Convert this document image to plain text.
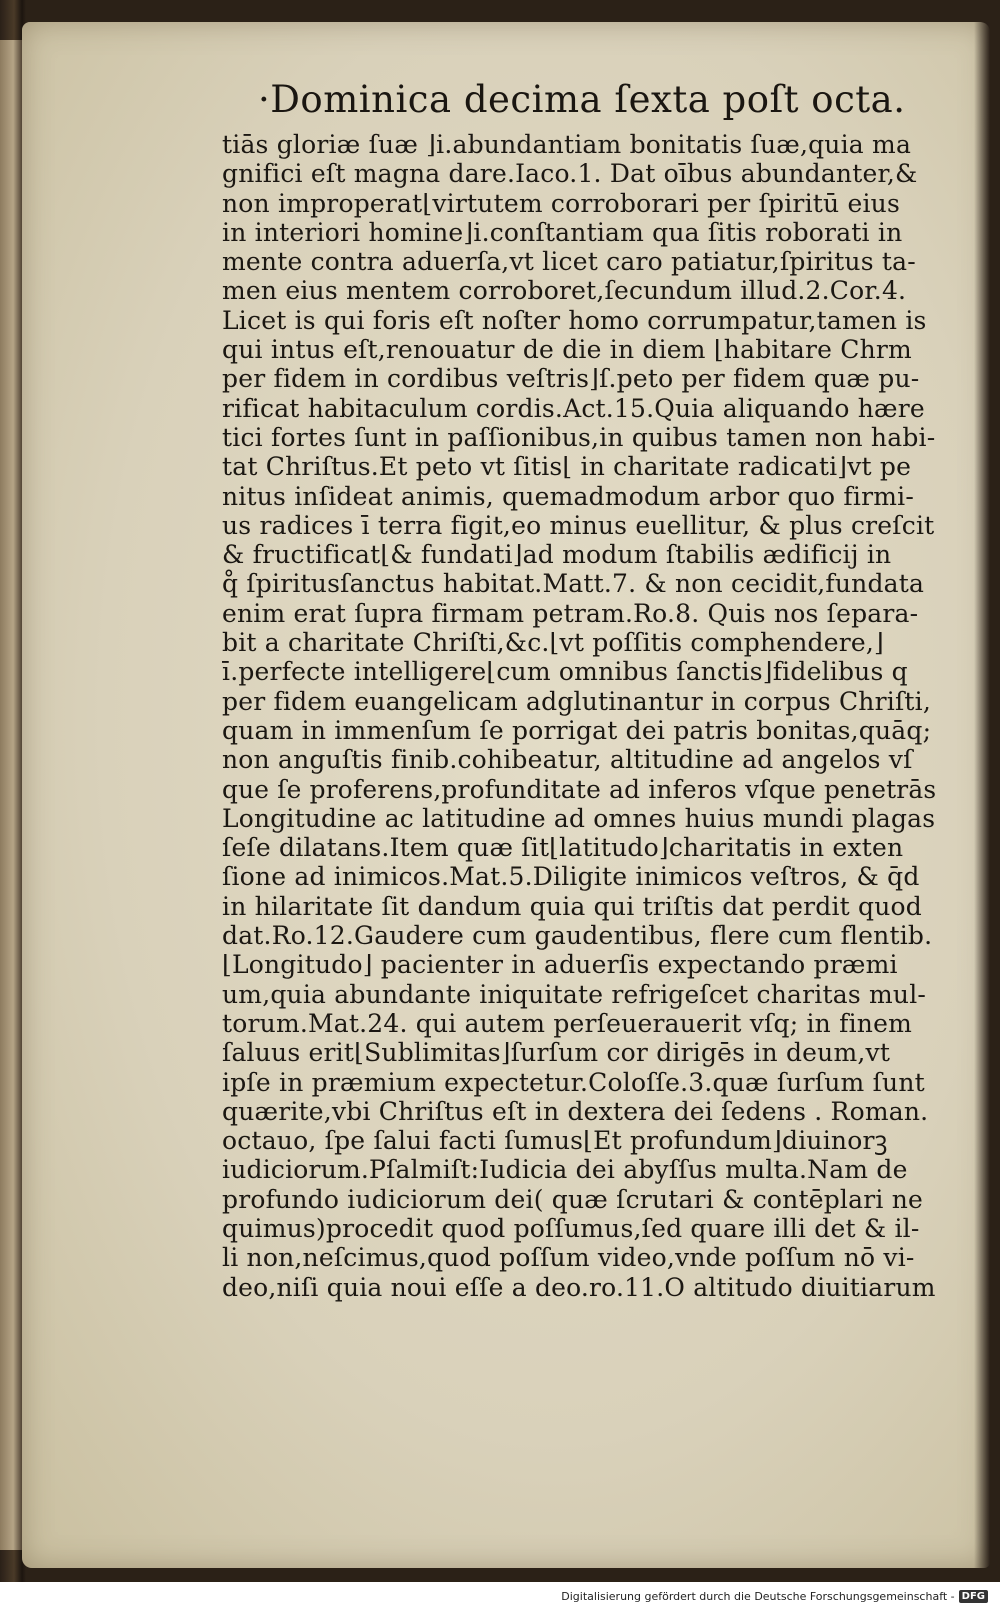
·Dominica decima ſexta poſt octa.
tiās gloriæ ſuæ ⌋i.abundantiam bonitatis ſuæ,quia ma
gnifici eſt magna dare.Iaco.1. Dat oībus abundanter,&
non improperat⌊virtutem corroborari per ſpiritū eius
in interiori homine⌋i.conſtantiam qua ſitis roborati in
mente contra aduerſa,vt licet caro patiatur,ſpiritus ta-
men eius mentem corroboret,ſecundum illud.2.Cor.4.
Licet is qui foris eſt noſter homo corrumpatur,tamen is
qui intus eſt,renouatur de die in diem ⌊habitare Chrm
per fidem in cordibus veſtris⌋ſ.peto per fidem quæ pu-
rificat habitaculum cordis.Act.15.Quia aliquando hære
tici fortes ſunt in paſſionibus,in quibus tamen non habi-
tat Chriſtus.Et peto vt ſitis⌊ in charitate radicati⌋vt pe
nitus inſideat animis, quemadmodum arbor quo firmi-
us radices ī terra figit,eo minus euellitur, & plus creſcit
& fructificat⌊& fundati⌋ad modum ſtabilis ædificij in
q̊ ſpiritusſanctus habitat.Matt.7. & non cecidit,fundata
enim erat ſupra firmam petram.Ro.8. Quis nos ſepara-
bit a charitate Chriſti,&c.⌊vt poſſitis comphendere,⌋
ī.perfecte intelligere⌊cum omnibus ſanctis⌋fidelibus q
per fidem euangelicam adglutinantur in corpus Chriſti,
quam in immenſum ſe porrigat dei patris bonitas,quāq;
non anguſtis finib.cohibeatur, altitudine ad angelos vſ
que ſe proferens,profunditate ad inferos vſque penetrās
Longitudine ac latitudine ad omnes huius mundi plagas
ſeſe dilatans.Item quæ ſit⌊latitudo⌋charitatis in exten
ſione ad inimicos.Mat.5.Diligite inimicos veſtros, & q̄d
in hilaritate ſit dandum quia qui triſtis dat perdit quod
dat.Ro.12.Gaudere cum gaudentibus, flere cum flentib.
⌊Longitudo⌋ pacienter in aduerſis expectando præmi
um,quia abundante iniquitate refrigeſcet charitas mul-
torum.Mat.24. qui autem perſeuerauerit vſq; in finem
ſaluus erit⌊Sublimitas⌋ſurſum cor dirigēs in deum,vt
ipſe in præmium expectetur.Coloſſe.3.quæ ſurſum ſunt
quærite,vbi Chriſtus eſt in dextera dei ſedens . Roman.
octauo, ſpe ſalui facti ſumus⌊Et profundum⌋diuinorꝫ
iudiciorum.Pſalmiſt:Iudicia dei abyſſus multa.Nam de
profundo iudiciorum dei( quæ ſcrutari & contēplari ne
quimus)procedit quod poſſumus,ſed quare illi det & il-
li non,neſcimus,quod poſſum video,vnde poſſum nō vi-
deo,niſi quia noui eſſe a deo.ro.11.O altitudo diuitiarum
Digitalisierung gefördert durch die Deutsche Forschungsgemeinschaft - DFG
